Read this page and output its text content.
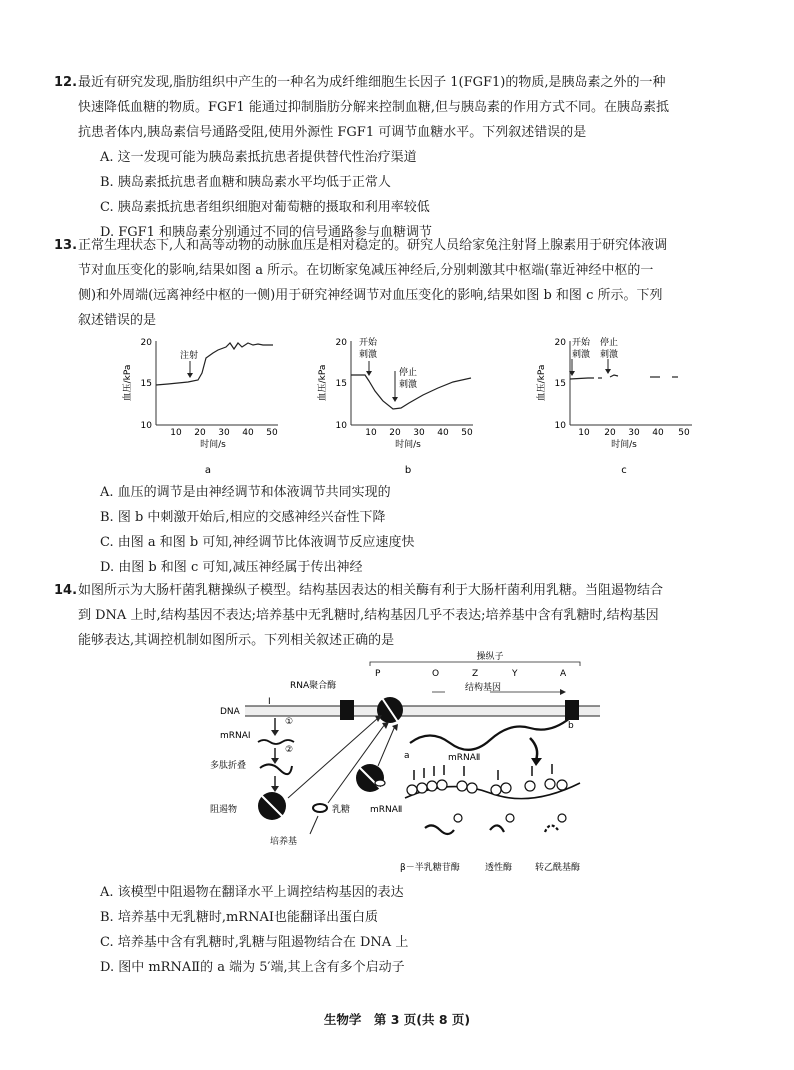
12. 最近有研究发现,脂肪组织中产生的一种名为成纤维细胞生长因子 1(FGF1)的物质,是胰岛素之外的一种
快速降低血糖的物质。FGF1 能通过抑制脂肪分解来控制血糖,但与胰岛素的作用方式不同。在胰岛素抵
抗患者体内,胰岛素信号通路受阻,使用外源性 FGF1 可调节血糖水平。下列叙述错误的是
A. 这一发现可能为胰岛素抵抗患者提供替代性治疗渠道
B. 胰岛素抵抗患者血糖和胰岛素水平均低于正常人
C. 胰岛素抵抗患者组织细胞对葡萄糖的摄取和利用率较低
D. FGF1 和胰岛素分别通过不同的信号通路参与血糖调节
13. 正常生理状态下,人和高等动物的动脉血压是相对稳定的。研究人员给家兔注射肾上腺素用于研究体液调
节对血压变化的影响,结果如图 a 所示。在切断家兔减压神经后,分别刺激其中枢端(靠近神经中枢的一
侧)和外周端(远离神经中枢的一侧)用于研究神经调节对血压变化的影响,结果如图 b 和图 c 所示。下列
叙述错误的是
血压/kPa
20
15
10
注射
10 20 30 40 50
时间/s
a
血压/kPa
20
15
10
开始
刺激
停止
刺激
10 20 30 40 50
时间/s
b
血压/kPa
20
15
10
开始
刺激
停止
刺激
10 20 30 40 50
时间/s
c
A. 血压的调节是由神经调节和体液调节共同实现的
B. 图 b 中刺激开始后,相应的交感神经兴奋性下降
C. 由图 a 和图 b 可知,神经调节比体液调节反应速度快
D. 由图 b 和图 c 可知,减压神经属于传出神经
14. 如图所示为大肠杆菌乳糖操纵子模型。结构基因表达的相关酶有利于大肠杆菌利用乳糖。当阻遏物结合
到 DNA 上时,结构基因不表达;培养基中无乳糖时,结构基因几乎不表达;培养基中含有乳糖时,结构基因
能够表达,其调控机制如图所示。下列相关叙述正确的是
操纵子
P	O	Z	Y	A
RNA聚合酶	结构基因
DNA
I
a
b
mRNAⅡ
①
mRNAⅠ
②
多肽折叠
阻遏物	乳糖
培养基
mRNAⅡ
β－半乳糖苷酶	透性酶	转乙酰基酶
A. 该模型中阻遏物在翻译水平上调控结构基因的表达
B. 培养基中无乳糖时,mRNAⅠ也能翻译出蛋白质
C. 培养基中含有乳糖时,乳糖与阻遏物结合在 DNA 上
D. 图中 mRNAⅡ的 a 端为 5′端,其上含有多个启动子
生物学　第 3 页(共 8 页)
